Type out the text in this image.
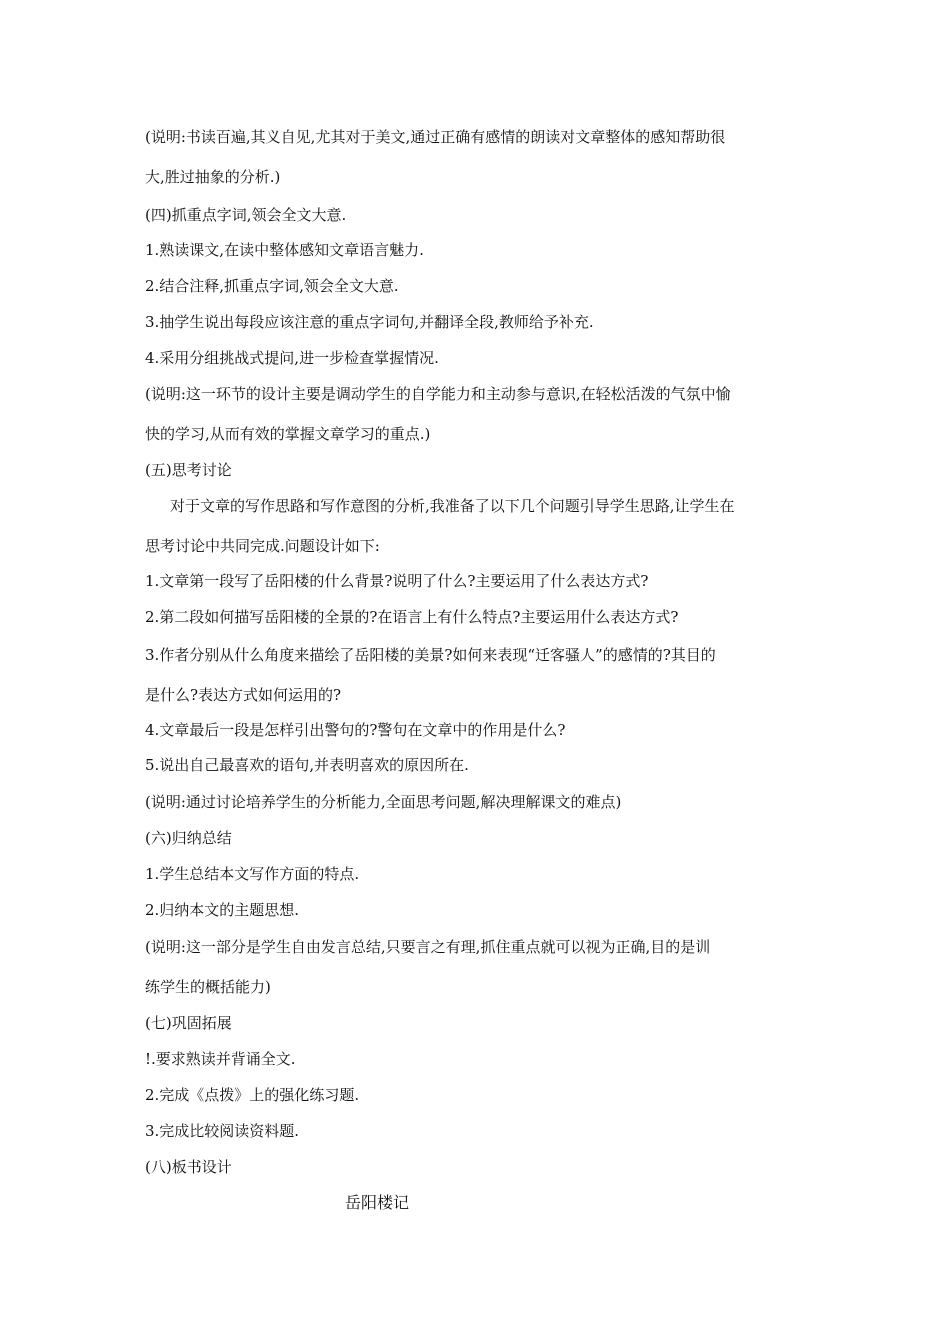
(说明:书读百遍,其义自见,尤其对于美文,通过正确有感情的朗读对文章整体的感知帮助很
大,胜过抽象的分析.)
(四)抓重点字词,领会全文大意.
1.熟读课文,在读中整体感知文章语言魅力.
2.结合注释,抓重点字词,领会全文大意.
3.抽学生说出每段应该注意的重点字词句,并翻译全段,教师给予补充.
4.采用分组挑战式提问,进一步检查掌握情况.
(说明:这一环节的设计主要是调动学生的自学能力和主动参与意识,在轻松活泼的气氛中愉
快的学习,从而有效的掌握文章学习的重点.)
(五)思考讨论
对于文章的写作思路和写作意图的分析,我准备了以下几个问题引导学生思路,让学生在
思考讨论中共同完成.问题设计如下:
1.文章第一段写了岳阳楼的什么背景?说明了什么?主要运用了什么表达方式?
2.第二段如何描写岳阳楼的全景的?在语言上有什么特点?主要运用什么表达方式?
3.作者分别从什么角度来描绘了岳阳楼的美景?如何来表现“迁客骚人”的感情的?其目的
是什么?表达方式如何运用的?
4.文章最后一段是怎样引出警句的?警句在文章中的作用是什么?
5.说出自己最喜欢的语句,并表明喜欢的原因所在.
(说明:通过讨论培养学生的分析能力,全面思考问题,解决理解课文的难点)
(六)归纳总结
1.学生总结本文写作方面的特点.
2.归纳本文的主题思想.
(说明:这一部分是学生自由发言总结,只要言之有理,抓住重点就可以视为正确,目的是训
练学生的概括能力)
(七)巩固拓展
!.要求熟读并背诵全文.
2.完成《点拨》上的强化练习题.
3.完成比较阅读资料题.
(八)板书设计
岳阳楼记
